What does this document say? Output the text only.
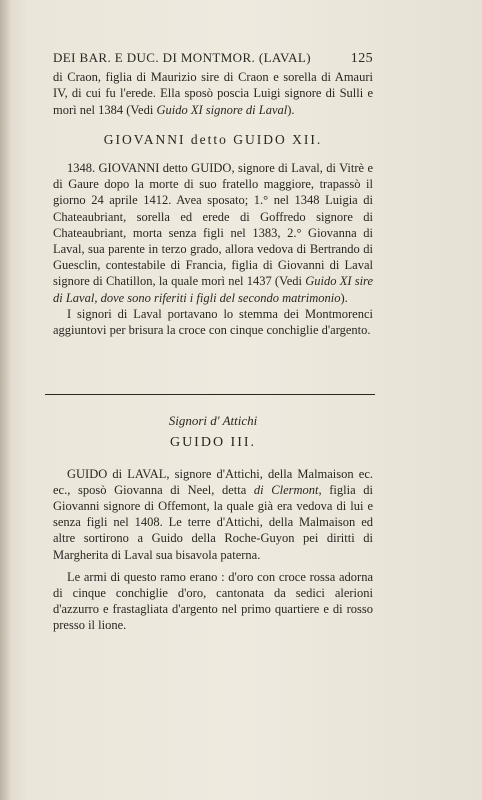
DEI BAR. E DUC. DI MONTMOR. (LAVAL)	125

di Craon, figlia di Maurizio sire di Craon e sorella di Amauri IV, di cui fu l'erede. Ella sposò poscia Luigi signore di Sulli e morì nel 1384 (Vedi Guido XI signore di Laval).

GIOVANNI detto GUIDO XII.

1348. GIOVANNI detto GUIDO, signore di Laval, di Vitrè e di Gaure dopo la morte di suo fratello maggiore, trapassò il giorno 24 aprile 1412. Avea sposato; 1.° nel 1348 Luigia di Chateaubriant, sorella ed erede di Goffredo signore di Chateaubriant, morta senza figli nel 1383, 2.° Giovanna di Laval, sua parente in terzo grado, allora vedova di Bertrando di Guesclin, contestabile di Francia, figlia di Giovanni di Laval signore di Chatillon, la quale morì nel 1437 (Vedi Guido XI sire di Laval, dove sono riferiti i figli del secondo matrimonio).

I signori di Laval portavano lo stemma dei Montmorenci aggiuntovi per brisura la croce con cinque conchiglie d'argento.

Signori d' Attichi
GUIDO III.

GUIDO di LAVAL, signore d'Attichi, della Malmaison ec. ec., sposò Giovanna di Neel, detta di Clermont, figlia di Giovanni signore di Offemont, la quale già era vedova di lui e senza figli nel 1408. Le terre d'Attichi, della Malmaison ed altre sortirono a Guido della Roche-Guyon pei diritti di Margherita di Laval sua bisavola paterna.

Le armi di questo ramo erano : d'oro con croce rossa adorna di cinque conchiglie d'oro, cantonata da sedici alerioni d'azzurro e frastagliata d'argento nel primo quartiere e di rosso presso il lione.
